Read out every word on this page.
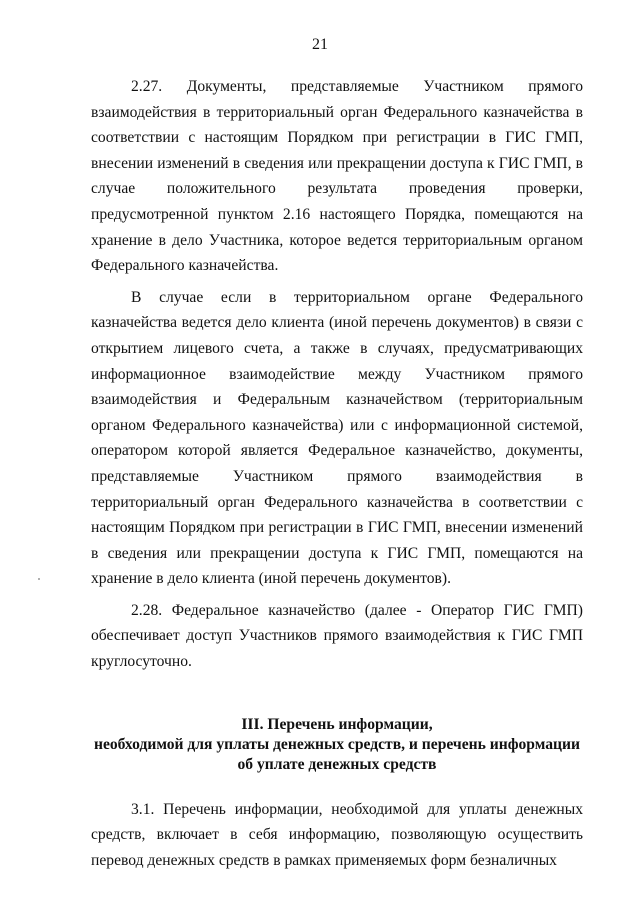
21

2.27. Документы, представляемые Участником прямого взаимодействия в территориальный орган Федерального казначейства в соответствии с настоящим Порядком при регистрации в ГИС ГМП, внесении изменений в сведения или прекращении доступа к ГИС ГМП, в случае положительного результата проведения проверки, предусмотренной пунктом 2.16 настоящего Порядка, помещаются на хранение в дело Участника, которое ведется территориальным органом Федерального казначейства.

В случае если в территориальном органе Федерального казначейства ведется дело клиента (иной перечень документов) в связи с открытием лицевого счета, а также в случаях, предусматривающих информационное взаимодействие между Участником прямого взаимодействия и Федеральным казначейством (территориальным органом Федерального казначейства) или с информационной системой, оператором которой является Федеральное казначейство, документы, представляемые Участником прямого взаимодействия в территориальный орган Федерального казначейства в соответствии с настоящим Порядком при регистрации в ГИС ГМП, внесении изменений в сведения или прекращении доступа к ГИС ГМП, помещаются на хранение в дело клиента (иной перечень документов).

2.28. Федеральное казначейство (далее - Оператор ГИС ГМП) обеспечивает доступ Участников прямого взаимодействия к ГИС ГМП круглосуточно.

III. Перечень информации,
необходимой для уплаты денежных средств, и перечень информации
об уплате денежных средств

3.1. Перечень информации, необходимой для уплаты денежных средств, включает в себя информацию, позволяющую осуществить перевод денежных средств в рамках применяемых форм безналичных
